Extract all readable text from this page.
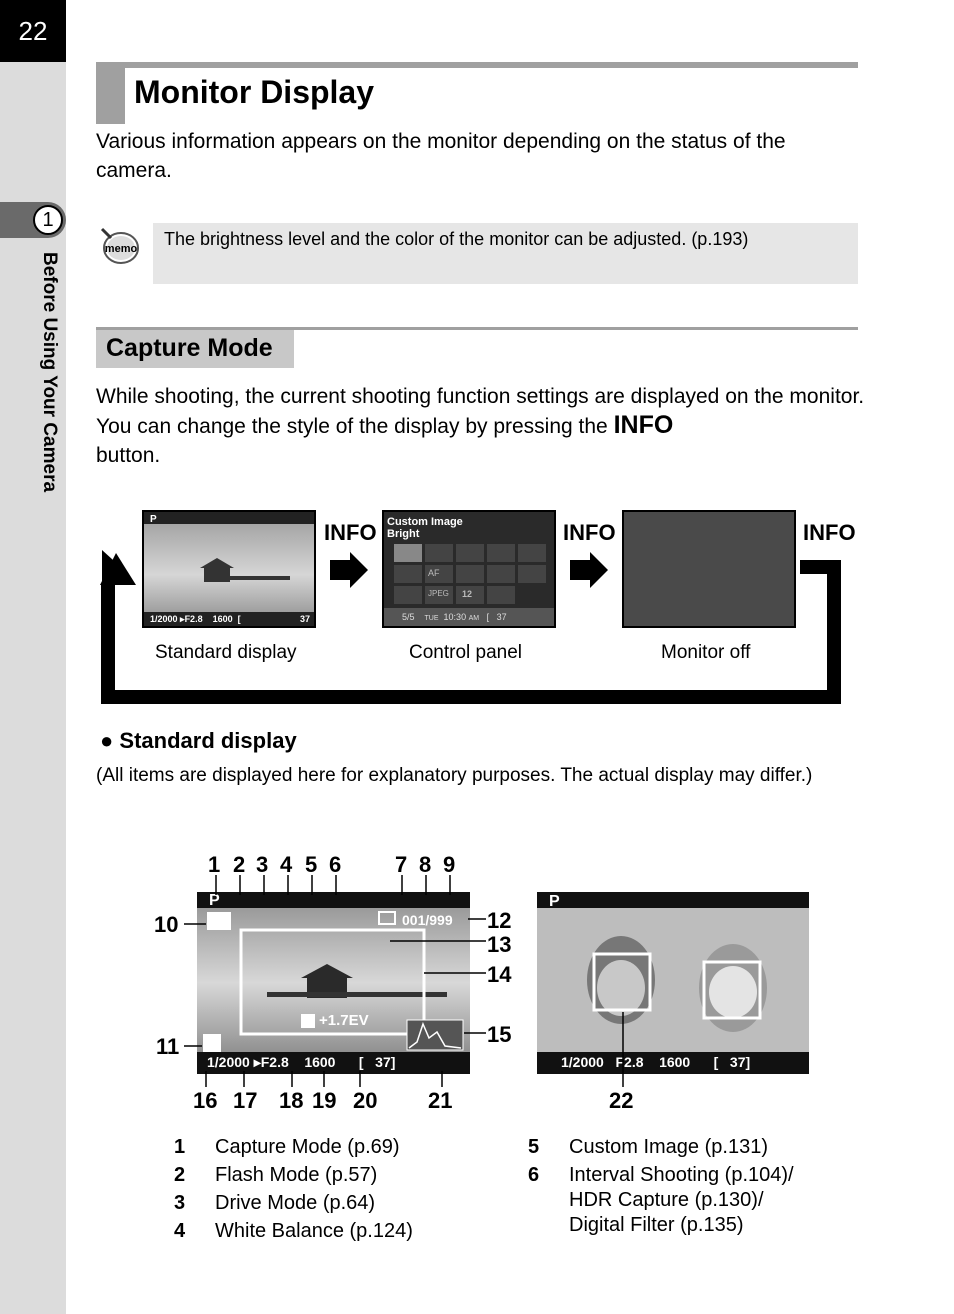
22
1
Before Using Your Camera
Monitor Display
Various information appears on the monitor depending on the status of the camera.
memo The brightness level and the color of the monitor can be adjusted. (p.193)
Capture Mode
While shooting, the current shooting function settings are displayed on the monitor. You can change the style of the display by pressing the INFO
button.
P
1/2000 ▸F2.8 1600  [	37
INFO Custom Image
Bright
AF
JPEG 12
5/5 TUE 10:30 AM   [   37
INFO	INFO
Standard display	Control panel	Monitor off
● Standard display
(All items are displayed here for explanatory purposes. The actual display may differ.)
P
001/999
+1.7EV
1/2000 ▸F2.8 1600      [   37]
P
1/2000 F2.8 1600      [   37]
1 2 3 4 5 6 7 8 9
10
11
12
13
14
15
16 17 18 19 20 21	22
1 Capture Mode (p.69)
2 Flash Mode (p.57)
3 Drive Mode (p.64)
4 White Balance (p.124)
5 Custom Image (p.131)
6 Interval Shooting (p.104)/
HDR Capture (p.130)/
Digital Filter (p.135)
